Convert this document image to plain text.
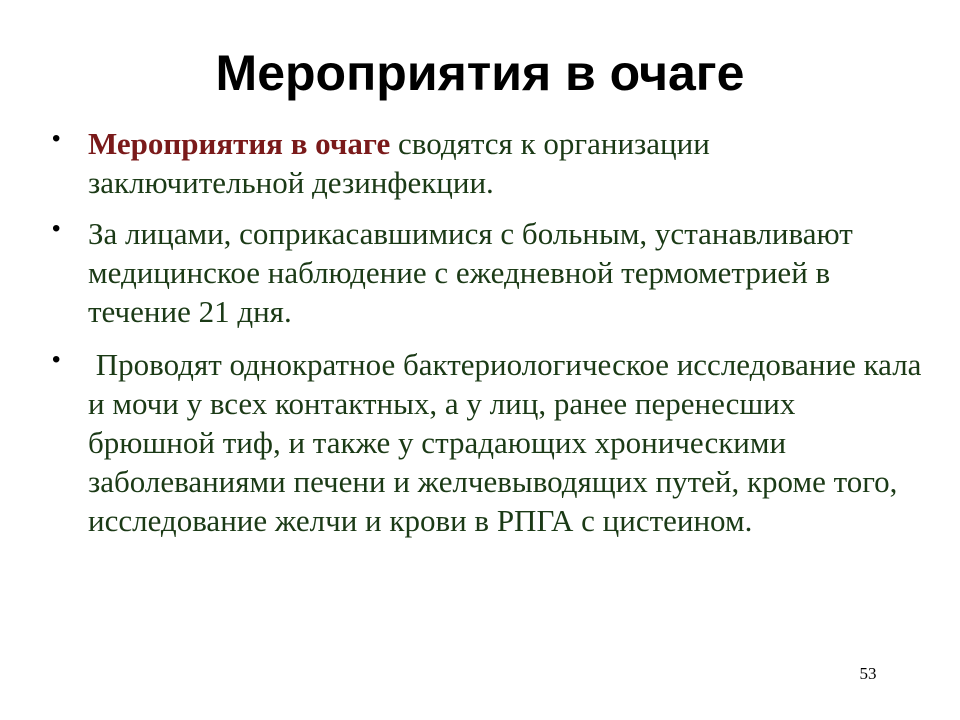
Мероприятия в очаге
• Мероприятия в очаге сводятся к организации заключительной дезинфекции.
• За лицами, соприкасавшимися с больным, устанавливают медицинское наблюдение с ежедневной термометрией в течение 21 дня.
• Проводят однократное бактериологическое исследование кала и мочи у всех контактных, а у лиц, ранее перенесших брюшной тиф, и также у страдающих хроническими заболеваниями печени и желчевыводящих путей, кроме того, исследование желчи и крови в РПГА с цистеином.
53
